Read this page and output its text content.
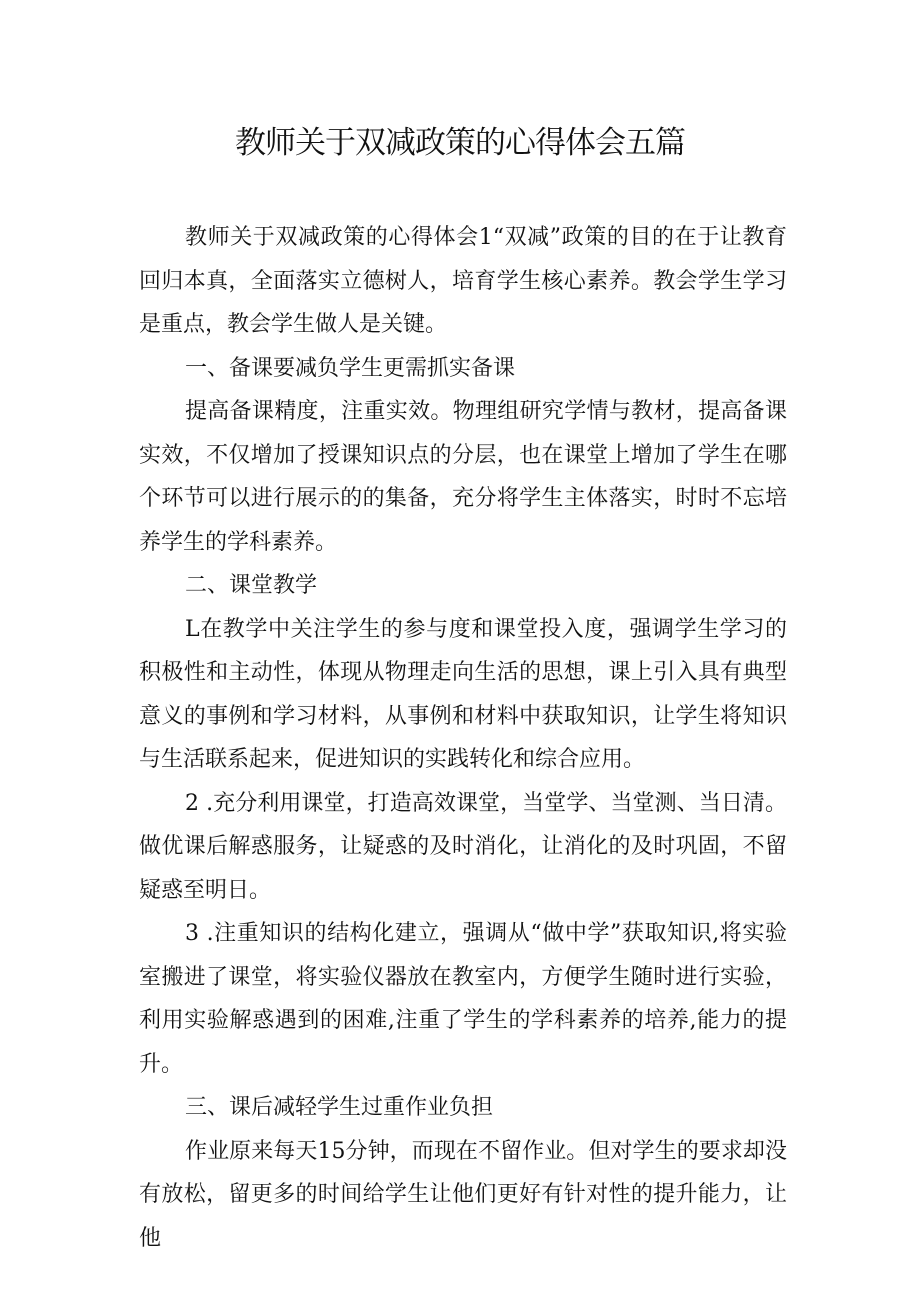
教师关于双减政策的心得体会五篇

教师关于双减政策的心得体会1“双减”政策的目的在于让教育回归本真，全面落实立德树人，培育学生核心素养。教会学生学习是重点，教会学生做人是关键。

一、备课要减负学生更需抓实备课

提高备课精度，注重实效。物理组研究学情与教材，提高备课实效，不仅增加了授课知识点的分层，也在课堂上增加了学生在哪个环节可以进行展示的的集备，充分将学生主体落实，时时不忘培养学生的学科素养。

二、课堂教学

L在教学中关注学生的参与度和课堂投入度，强调学生学习的积极性和主动性，体现从物理走向生活的思想，课上引入具有典型意义的事例和学习材料，从事例和材料中获取知识，让学生将知识与生活联系起来，促进知识的实践转化和综合应用。

2 .充分利用课堂，打造高效课堂，当堂学、当堂测、当日清。做优课后解惑服务，让疑惑的及时消化，让消化的及时巩固，不留疑惑至明日。

3 .注重知识的结构化建立，强调从“做中学”获取知识,将实验室搬进了课堂，将实验仪器放在教室内，方便学生随时进行实验，利用实验解惑遇到的困难,注重了学生的学科素养的培养,能力的提升。

三、课后减轻学生过重作业负担

作业原来每天15分钟，而现在不留作业。但对学生的要求却没有放松，留更多的时间给学生让他们更好有针对性的提升能力，让他
